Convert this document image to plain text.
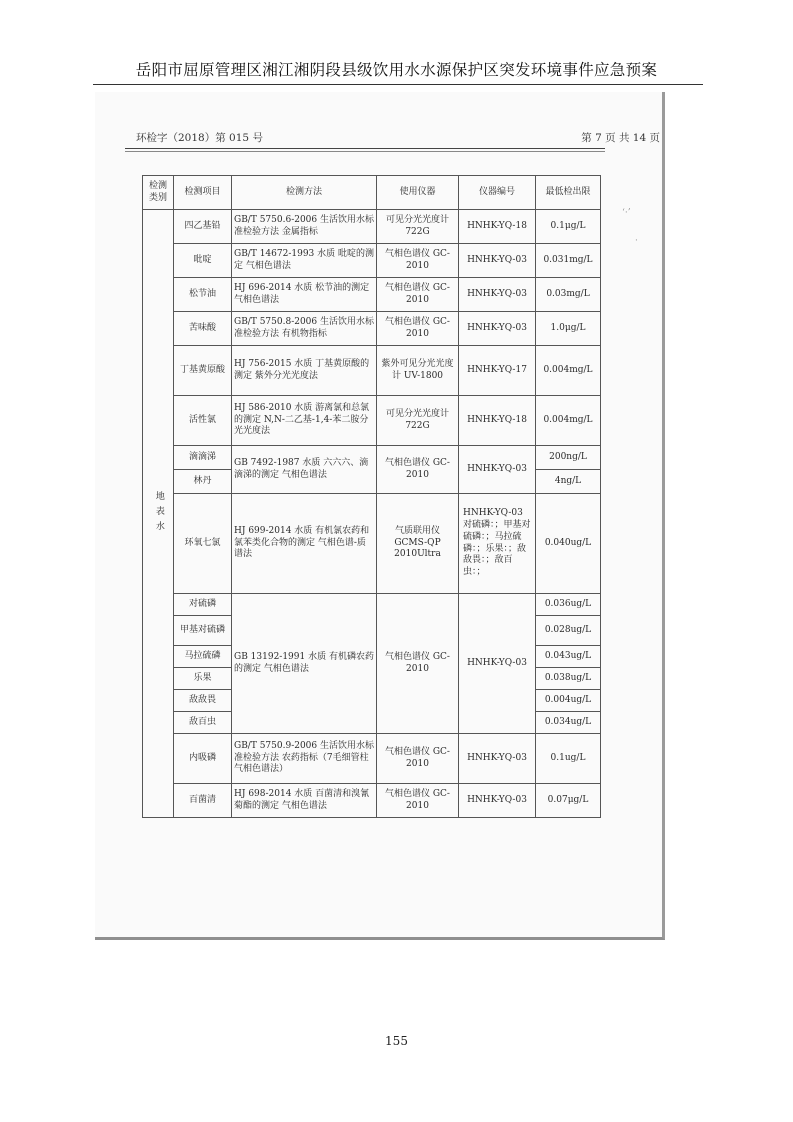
岳阳市屈原管理区湘江湘阴段县级饮用水水源保护区突发环境事件应急预案
环检字（2018）第 015 号	第 7 页 共 14 页
‘·’
·
检测类别	检测项目	检测方法	使用仪器	仪器编号	最低检出限
地表水	四乙基铅	GB/T 5750.6-2006 生活饮用水标准检验方法 金属指标	可见分光光度计 722G	HNHK-YQ-18	0.1μg/L
	吡啶	GB/T 14672-1993 水质 吡啶的测定 气相色谱法	气相色谱仪 GC-2010	HNHK-YQ-03	0.031mg/L
	松节油	HJ 696-2014 水质 松节油的测定 气相色谱法	气相色谱仪 GC-2010	HNHK-YQ-03	0.03mg/L
	苦味酸	GB/T 5750.8-2006 生活饮用水标准检验方法 有机物指标	气相色谱仪 GC-2010	HNHK-YQ-03	1.0μg/L
	丁基黄原酸	HJ 756-2015 水质 丁基黄原酸的测定 紫外分光光度法	紫外可见分光光度计 UV-1800	HNHK-YQ-17	0.004mg/L
	活性氯	HJ 586-2010 水质 游离氯和总氯的测定 N,N-二乙基-1,4-苯二胺分光光度法	可见分光光度计 722G	HNHK-YQ-18	0.004mg/L
	滴滴涕	GB 7492-1987 水质 六六六、滴滴涕的测定 气相色谱法	气相色谱仪 GC-2010	HNHK-YQ-03	200ng/L
	林丹				4ng/L
	环氧七氯	HJ 699-2014 水质 有机氯农药和氯苯类化合物的测定 气相色谱-质谱法	气质联用仪 GCMS-QP 2010Ultra	HNHK-YQ-03 对硫磷：；甲基对硫磷：；马拉硫磷：；乐果：；敌敌畏：；敌百虫：；	0.040ug/L
	对硫磷	GB 13192-1991 水质 有机磷农药的测定 气相色谱法	气相色谱仪 GC-2010	HNHK-YQ-03	0.036ug/L
	甲基对硫磷				0.028ug/L
	马拉硫磷				0.043ug/L
	乐果				0.038ug/L
	敌敌畏				0.004ug/L
	敌百虫				0.034ug/L
	内吸磷	GB/T 5750.9-2006 生活饮用水标准检验方法 农药指标（7毛细管柱气相色谱法）	气相色谱仪 GC-2010	HNHK-YQ-03	0.1ug/L
	百菌清	HJ 698-2014 水质 百菌清和溴氰菊酯的测定 气相色谱法	气相色谱仪 GC-2010	HNHK-YQ-03	0.07μg/L
155
